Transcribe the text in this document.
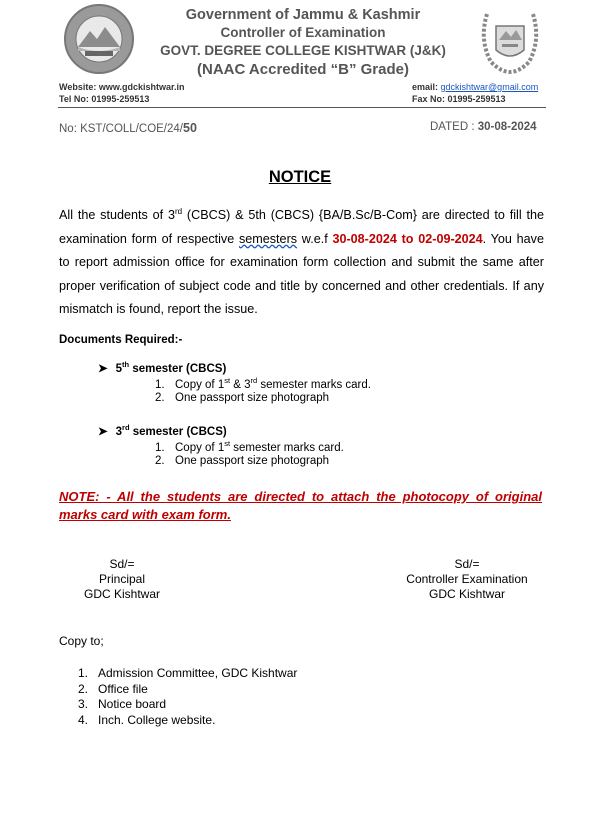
Government of Jammu & Kashmir
Controller of Examination
GOVT. DEGREE COLLEGE KISHTWAR (J&K)
(NAAC Accredited “B” Grade)
Website: www.gdckishtwar.in
Tel No: 01995-259513
email: gdckishtwar@gmail.com
Fax No: 01995-259513
No: KST/COLL/COE/24/50	DATED : 30-08-2024
NOTICE
All the students of 3rd (CBCS) & 5th (CBCS) {BA/B.Sc/B-Com} are directed to fill the examination form of respective semesters w.e.f 30-08-2024 to 02-09-2024. You have to report admission office for examination form collection and submit the same after proper verification of subject code and title by concerned and other credentials. If any mismatch is found, report the issue.
Documents Required:-
➤ 5th semester (CBCS)
1. Copy of 1st & 3rd semester marks card.
2. One passport size photograph
➤ 3rd semester (CBCS)
1. Copy of 1st semester marks card.
2. One passport size photograph
NOTE: - All the students are directed to attach the photocopy of original marks card with exam form.
Sd/=
Principal
GDC Kishtwar
Sd/=
Controller Examination
GDC Kishtwar
Copy to;
1. Admission Committee, GDC Kishtwar
2. Office file
3. Notice board
4. Inch. College website.
